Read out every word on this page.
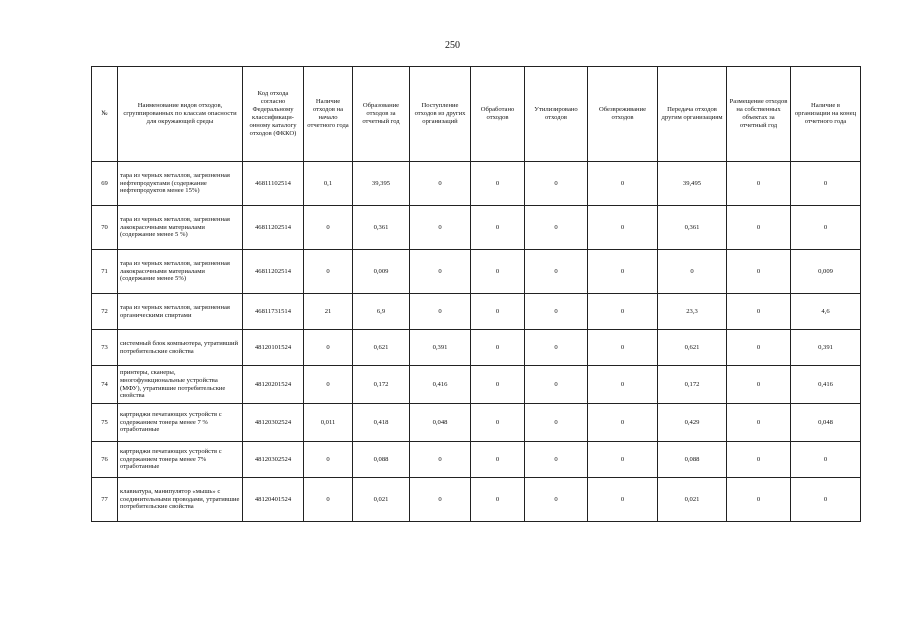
250
№	Наименование видов отходов, сгруппированных по классам опасности для окружающей среды	Код отхода согласно Федеральному классификаци-онному каталогу отходов (ФККО)	Наличие отходов на начало отчетного года	Образование отходов за отчетный год	Поступление отходов из других организаций	Обработано отходов	Утилизировано отходов	Обезвреживание отходов	Передача отходов другим организациям	Размещение отходов на собственных объектах за отчетный год	Наличие в организации на конец отчетного года
69	тара из черных металлов, загрязненная нефтепродуктами (содержание нефтепродуктов менее 15%)	46811102514	0,1	39,395	0	0	0	0	39,495	0	0
70	тара из черных металлов, загрязненная лакокрасочными материалами (содержание менее 5 %)	46811202514	0	0,361	0	0	0	0	0,361	0	0
71	тара из черных металлов, загрязненная лакокрасочными материалами (содержание менее 5%)	46811202514	0	0,009	0	0	0	0	0	0	0,009
72	тара из черных металлов, загрязненная органическими спиртами	46811731514	21	6,9	0	0	0	0	23,3	0	4,6
73	системный блок компьютера, утративший потребительские свойства	48120101524	0	0,621	0,391	0	0	0	0,621	0	0,391
74	принтеры, сканеры, многофункциональные устройства (МФУ), утратившие потребительские свойства	48120201524	0	0,172	0,416	0	0	0	0,172	0	0,416
75	картриджи печатающих устройств с содержанием тонера менее 7 % отработанные	48120302524	0,011	0,418	0,048	0	0	0	0,429	0	0,048
76	картриджи печатающих устройств с содержанием тонера менее 7% отработанные	48120302524	0	0,088	0	0	0	0	0,088	0	0
77	клавиатура, манипулятор «мышь» с соединительными проводами, утратившие потребительские свойства	48120401524	0	0,021	0	0	0	0	0,021	0	0
